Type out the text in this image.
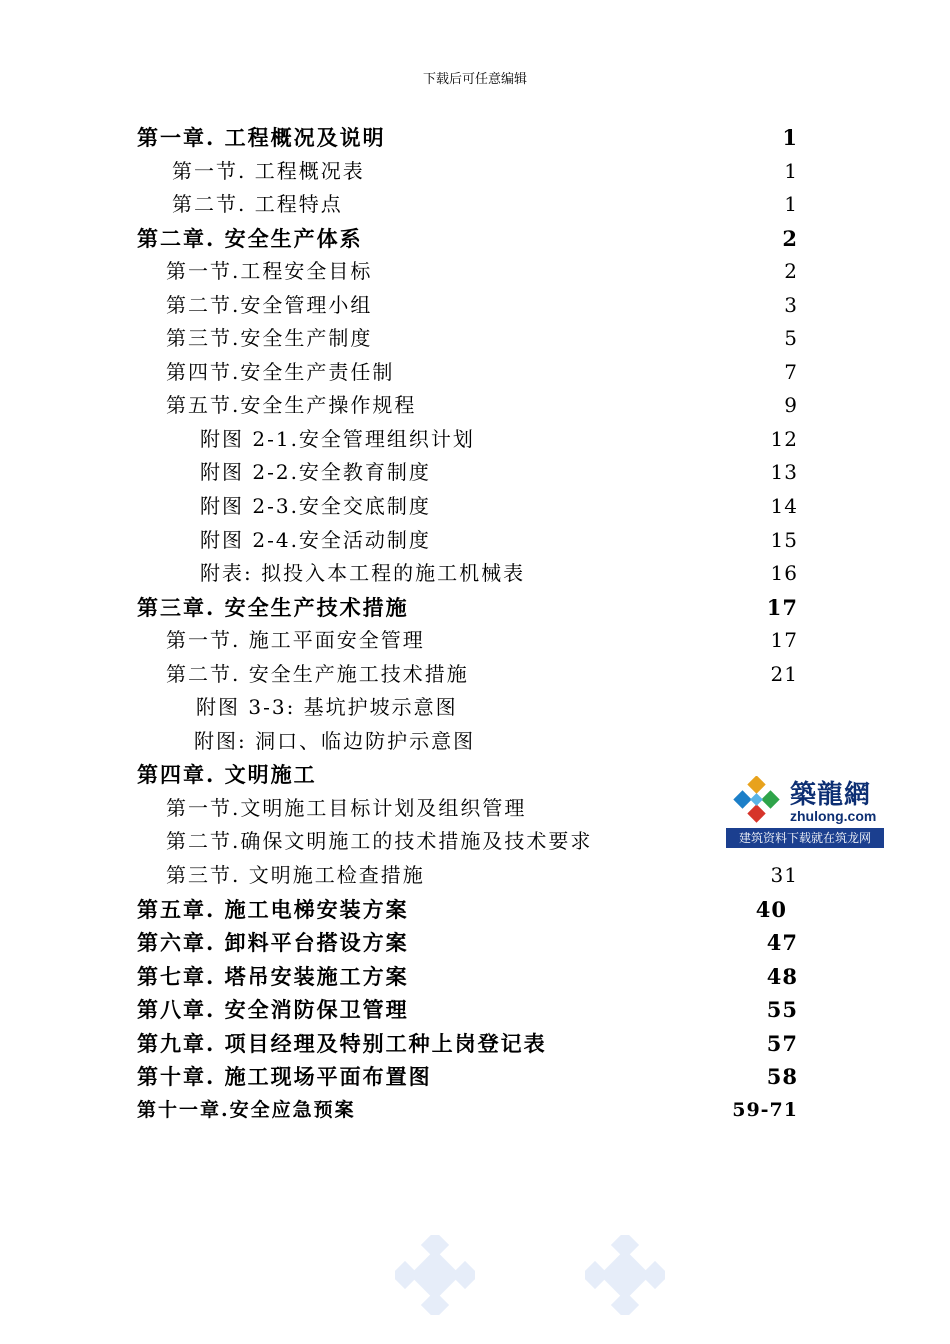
下载后可任意编辑
第一章. 工程概况及说明	1
第一节. 工程概况表	1
第二节. 工程特点	1
第二章. 安全生产体系	2
第一节.工程安全目标	2
第二节.安全管理小组	3
第三节.安全生产制度	5
第四节.安全生产责任制	7
第五节.安全生产操作规程	9
附图 2-1.安全管理组织计划	12
附图 2-2.安全教育制度	13
附图 2-3.安全交底制度	14
附图 2-4.安全活动制度	15
附表: 拟投入本工程的施工机械表	16
第三章. 安全生产技术措施	17
第一节. 施工平面安全管理	17
第二节. 安全生产施工技术措施	21
附图 3-3: 基坑护坡示意图
附图: 洞口、临边防护示意图
第四章. 文明施工
第一节.文明施工目标计划及组织管理
第二节.确保文明施工的技术措施及技术要求
第三节. 文明施工检查措施	31
第五章. 施工电梯安装方案	40
第六章. 卸料平台搭设方案	47
第七章. 塔吊安装施工方案	48
第八章. 安全消防保卫管理	55
第九章. 项目经理及特别工种上岗登记表	57
第十章. 施工现场平面布置图	58
第十一章.安全应急预案	59-71
築龍網
zhulong.com
建筑资料下载就在筑龙网
